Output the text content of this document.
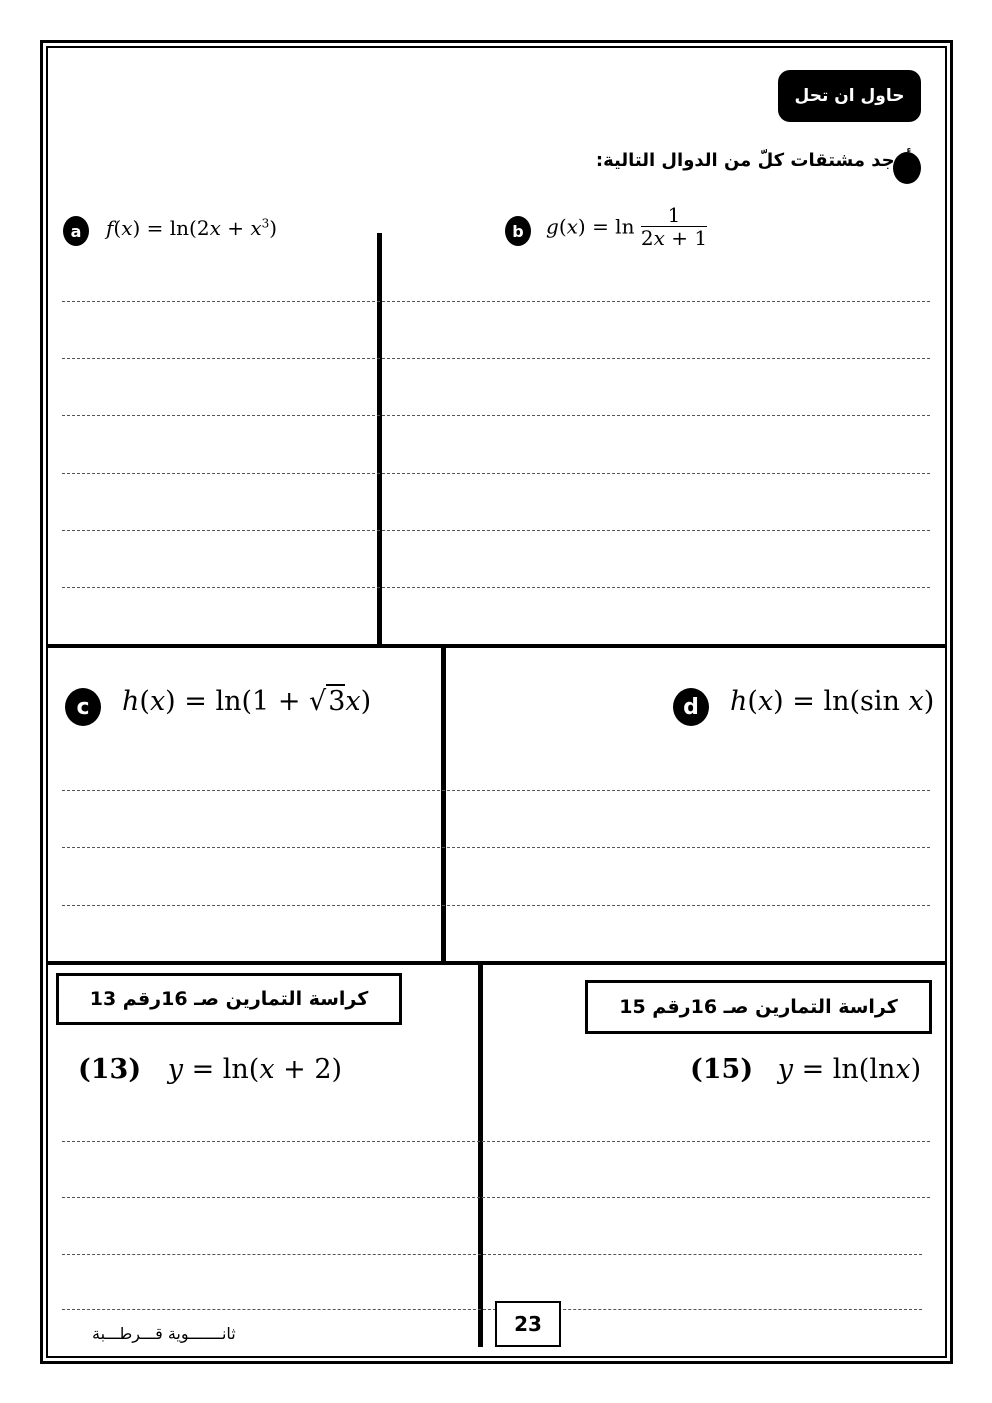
حاول ان تحل
أوجد مشتقات كلّ من الدوال التالية:
a	$f(x) = \ln(2x + x^3)$	b	$g(x) = \ln \frac{1}{2x + 1}$
c	h(x) = ln(1 + √3x)	d	h(x) = ln(sin x)
كراسة التمارين صـ 16رقم 13	كراسة التمارين صـ 16رقم 15
(13) y = ln(x + 2)	(15) y = ln(lnx)
23
ثانـــــــوية قـــرطـــبة
